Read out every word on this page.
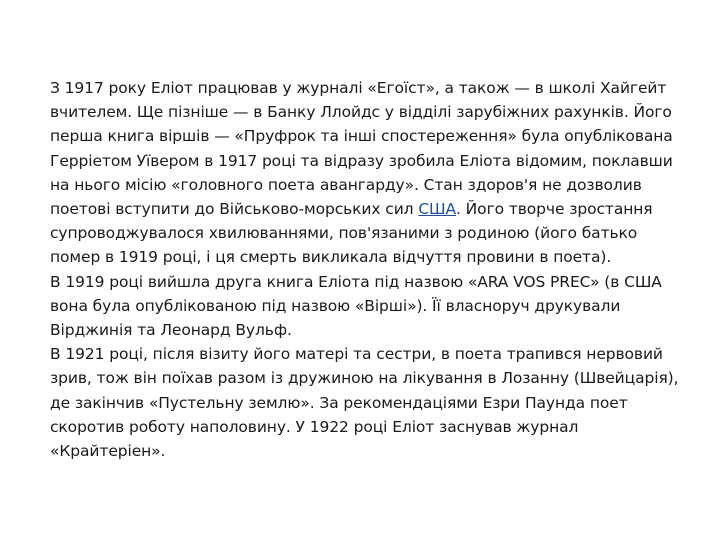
З 1917 року Еліот працював у журналі «Егоїст», а також — в школі Хайгейт вчителем. Ще пізніше — в Банку Ллойдс у відділі зарубіжних рахунків. Його перша книга віршів — «Пруфрок та інші спостереження» була опублікована Герріетом Уївером в 1917 році та відразу зробила Еліота відомим, поклавши на нього місію «головного поета авангарду». Стан здоров'я не дозволив поетові вступити до Військово-морських сил США. Його творче зростання супроводжувалося хвилюваннями, пов'язаними з родиною (його батько помер в 1919 році, і ця смерть викликала відчуття провини в поета).

В 1919 році вийшла друга книга Еліота під назвою «ARA VOS PREC» (в США вона була опублікованою під назвою «Вірші»). Її власноруч друкували Вірджинія та Леонард Вульф.

В 1921 році, після візиту його матері та сестри, в поета трапився нервовий зрив, тож він поїхав разом із дружиною на лікування в Лозанну (Швейцарія), де закінчив «Пустельну землю». За рекомендаціями Езри Паунда поет скоротив роботу наполовину. У 1922 році Еліот заснував журнал «Крайтеріен».
